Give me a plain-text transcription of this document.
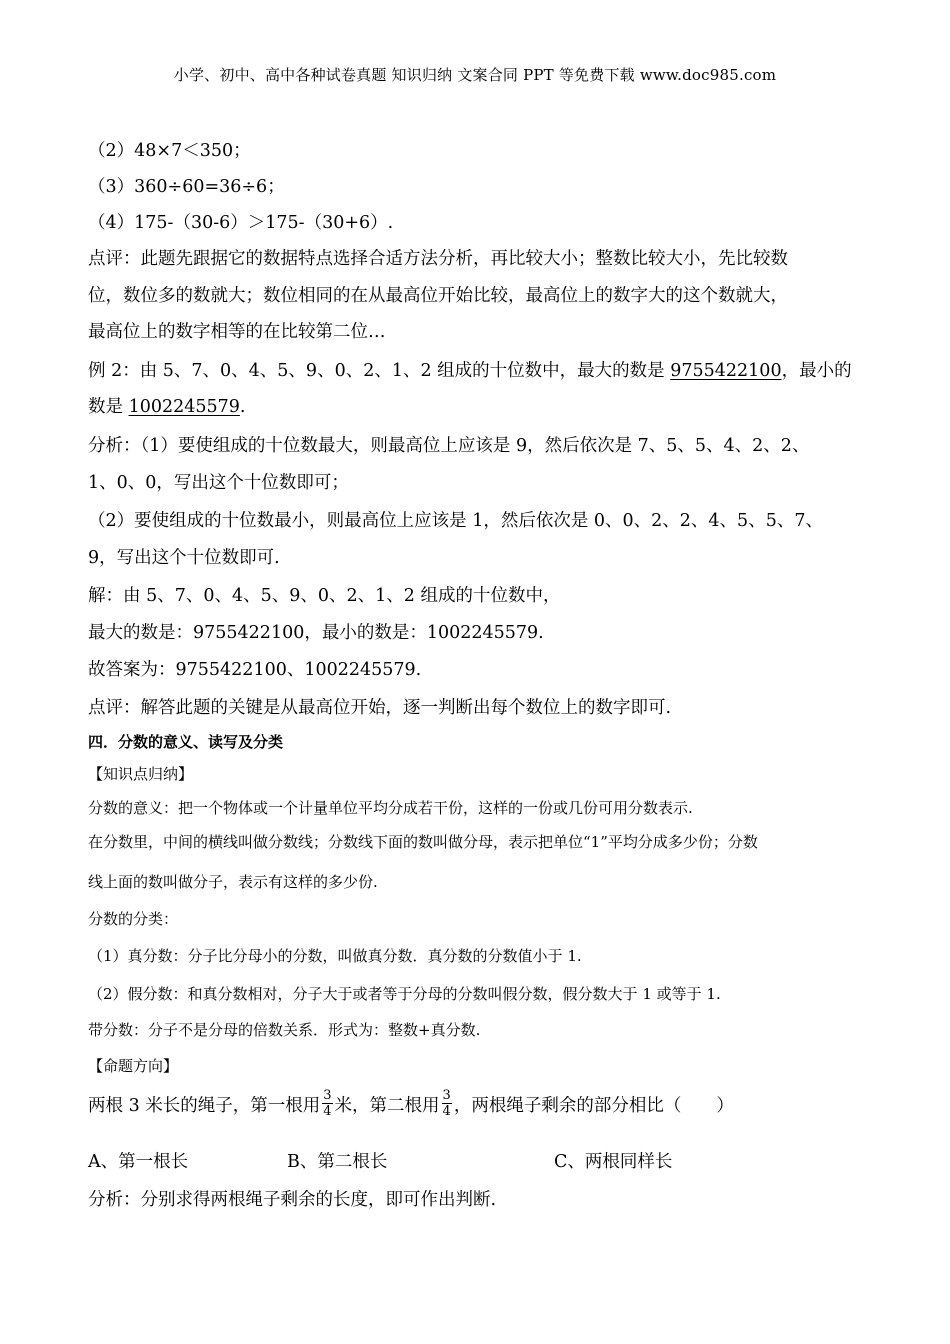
小学、初中、高中各种试卷真题 知识归纳 文案合同 PPT 等免费下载 www.doc985.com
（2）48×7＜350；
（3）360÷60=36÷6；
（4）175-（30-6）＞175-（30+6）.
点评：此题先跟据它的数据特点选择合适方法分析，再比较大小；整数比较大小，先比较数
位，数位多的数就大；数位相同的在从最高位开始比较，最高位上的数字大的这个数就大，
最高位上的数字相等的在比较第二位…
例 2：由 5、7、0、4、5、9、0、2、1、2 组成的十位数中，最大的数是 9755422100，最小的
数是 1002245579.
分析：（1）要使组成的十位数最大，则最高位上应该是 9，然后依次是 7、5、5、4、2、2、
1、0、0，写出这个十位数即可；
（2）要使组成的十位数最小，则最高位上应该是 1，然后依次是 0、0、2、2、4、5、5、7、
9，写出这个十位数即可.
解：由 5、7、0、4、5、9、0、2、1、2 组成的十位数中，
最大的数是：9755422100，最小的数是：1002245579.
故答案为：9755422100、1002245579.
点评：解答此题的关键是从最高位开始，逐一判断出每个数位上的数字即可.
四．分数的意义、读写及分类
【知识点归纳】
分数的意义：把一个物体或一个计量单位平均分成若干份，这样的一份或几份可用分数表示.
在分数里，中间的横线叫做分数线；分数线下面的数叫做分母，表示把单位“1”平均分成多少份；分数
线上面的数叫做分子，表示有这样的多少份.
分数的分类：
（1）真分数：分子比分母小的分数，叫做真分数．真分数的分数值小于 1.
（2）假分数：和真分数相对，分子大于或者等于分母的分数叫假分数，假分数大于 1 或等于 1.
带分数：分子不是分母的倍数关系．形式为：整数+真分数.
【命题方向】
两根 3 米长的绳子，第一根用 $\frac{3}{4}$ 米，第二根用 $\frac{3}{4}$ ，两根绳子剩余的部分相比（　　）
A、第一根长	B、第二根长	C、两根同样长
分析：分别求得两根绳子剩余的长度，即可作出判断.
